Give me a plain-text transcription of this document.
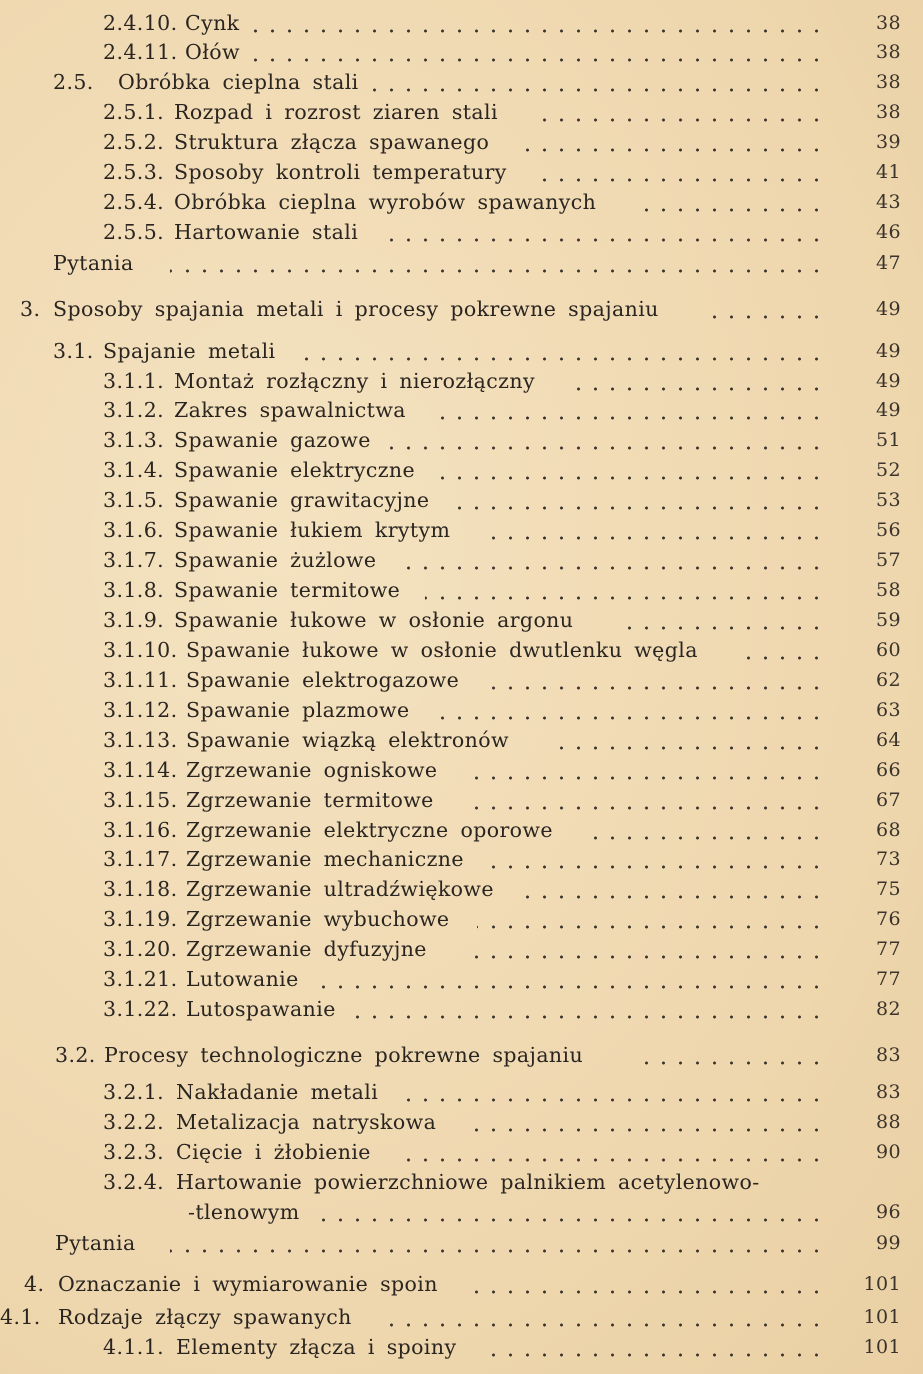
2.4.10. Cynk	38
2.4.11. Ołów	38
2.5. Obróbka cieplna stali	38
2.5.1. Rozpad i rozrost ziaren stali	38
2.5.2. Struktura złącza spawanego	39
2.5.3. Sposoby kontroli temperatury	41
2.5.4. Obróbka cieplna wyrobów spawanych	43
2.5.5. Hartowanie stali	46
Pytania	47
3. Sposoby spajania metali i procesy pokrewne spajaniu	49
3.1. Spajanie metali	49
3.1.1. Montaż rozłączny i nierozłączny	49
3.1.2. Zakres spawalnictwa	49
3.1.3. Spawanie gazowe	51
3.1.4. Spawanie elektryczne	52
3.1.5. Spawanie grawitacyjne	53
3.1.6. Spawanie łukiem krytym	56
3.1.7. Spawanie żużlowe	57
3.1.8. Spawanie termitowe	58
3.1.9. Spawanie łukowe w osłonie argonu	59
3.1.10. Spawanie łukowe w osłonie dwutlenku węgla	60
3.1.11. Spawanie elektrogazowe	62
3.1.12. Spawanie plazmowe	63
3.1.13. Spawanie wiązką elektronów	64
3.1.14. Zgrzewanie ogniskowe	66
3.1.15. Zgrzewanie termitowe	67
3.1.16. Zgrzewanie elektryczne oporowe	68
3.1.17. Zgrzewanie mechaniczne	73
3.1.18. Zgrzewanie ultradźwiękowe	75
3.1.19. Zgrzewanie wybuchowe	76
3.1.20. Zgrzewanie dyfuzyjne	77
3.1.21. Lutowanie	77
3.1.22. Lutospawanie	82
3.2. Procesy technologiczne pokrewne spajaniu	83
3.2.1. Nakładanie metali	83
3.2.2. Metalizacja natryskowa	88
3.2.3. Cięcie i żłobienie	90
3.2.4. Hartowanie powierzchniowe palnikiem acetylenowo-
-tlenowym	96
Pytania	99
4. Oznaczanie i wymiarowanie spoin	101
4.1. Rodzaje złączy spawanych	101
4.1.1. Elementy złącza i spoiny	101
